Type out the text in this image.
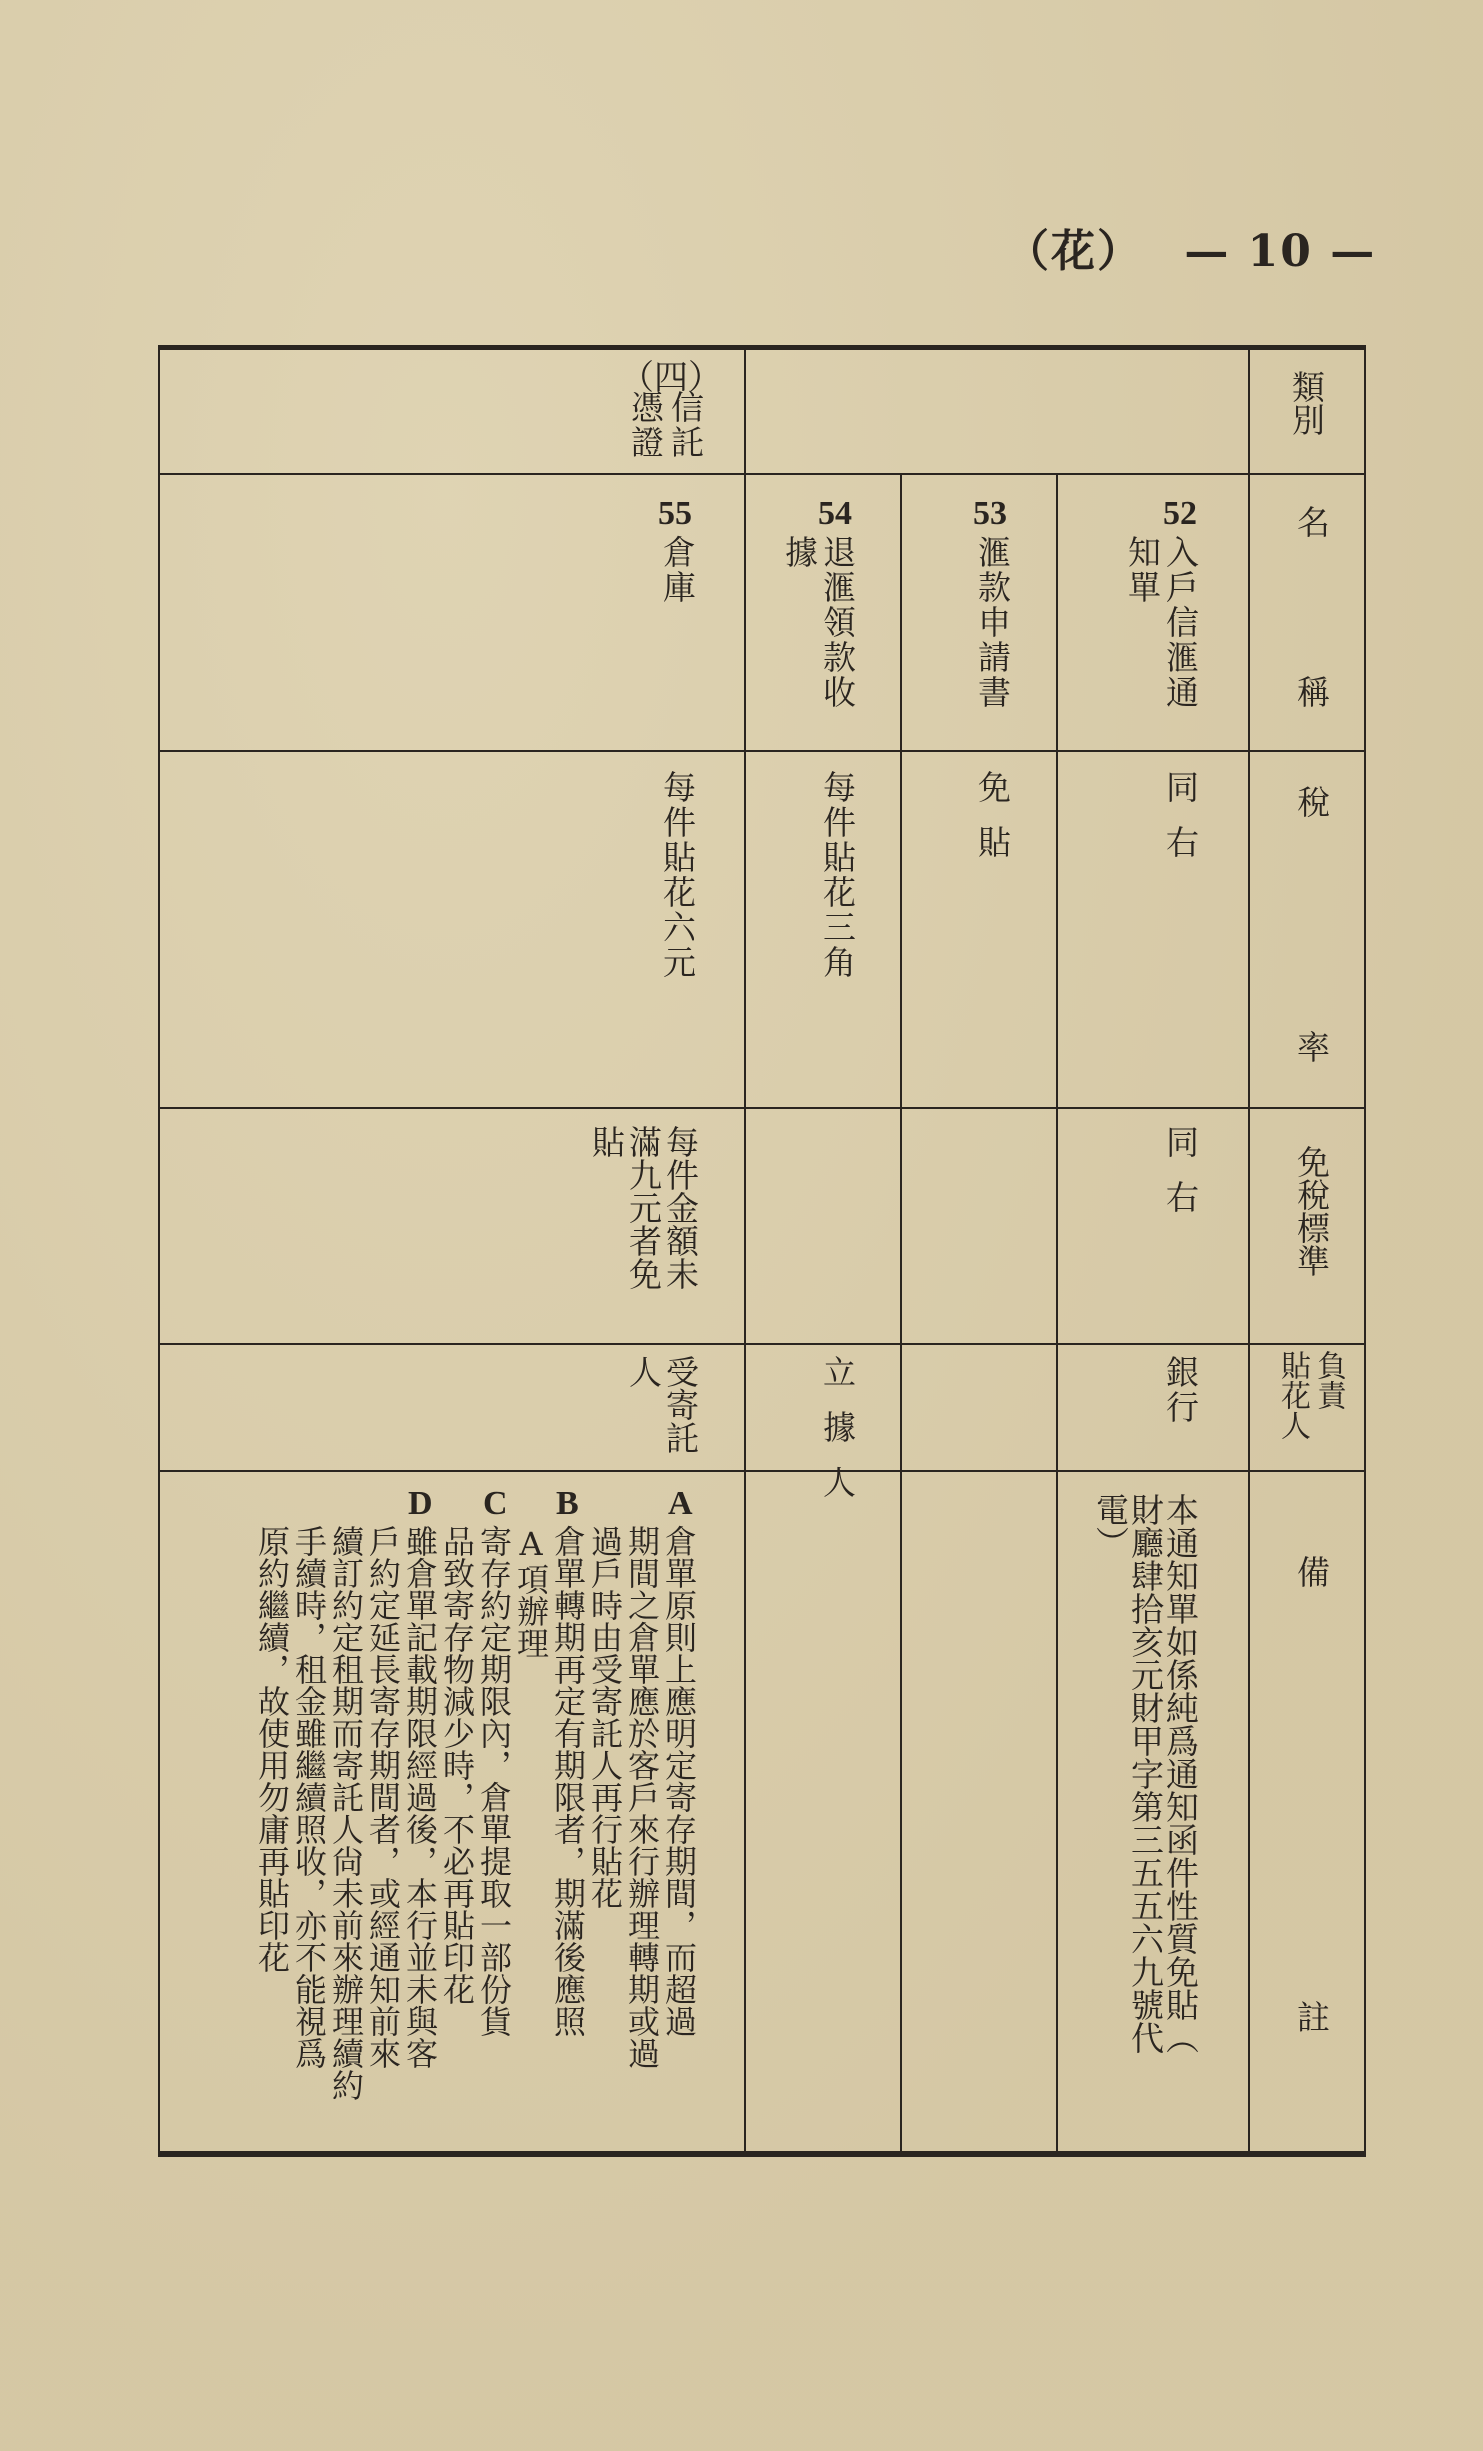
（花） — 10 —
類別
名
稱
稅
率
免稅標準
負責
貼花人
備
註
（四）
信託
憑證
52
入戶信滙通
知單
同右
同右
銀行
本通知單如係純爲通知函件性質免貼（
財廳肆拾亥元財甲字第三五五六九號代
電）
53
滙款申請書
免貼
54
退滙領款收
據
每件貼花三角
立據人
55
倉庫
每件貼花六元
每件金額未
滿九元者免
貼
受寄託
人
A
倉單原則上應明定寄存期間，而超過
期間之倉單應於客戶來行辦理轉期或過
過戶時由受寄託人再行貼花
B
倉單轉期再定有期限者，期滿後應照
A項辦理
C
寄存約定期限內，倉單提取一部份貨
品致寄存物減少時，不必再貼印花
D
雖倉單記載期限經過後，本行並未與客
戶約定延長寄存期間者，或經通知前來
續訂約定租期而寄託人尙未前來辦理續約
手續時，租金雖繼續照收，亦不能視爲
原約繼續，故使用勿庸再貼印花
